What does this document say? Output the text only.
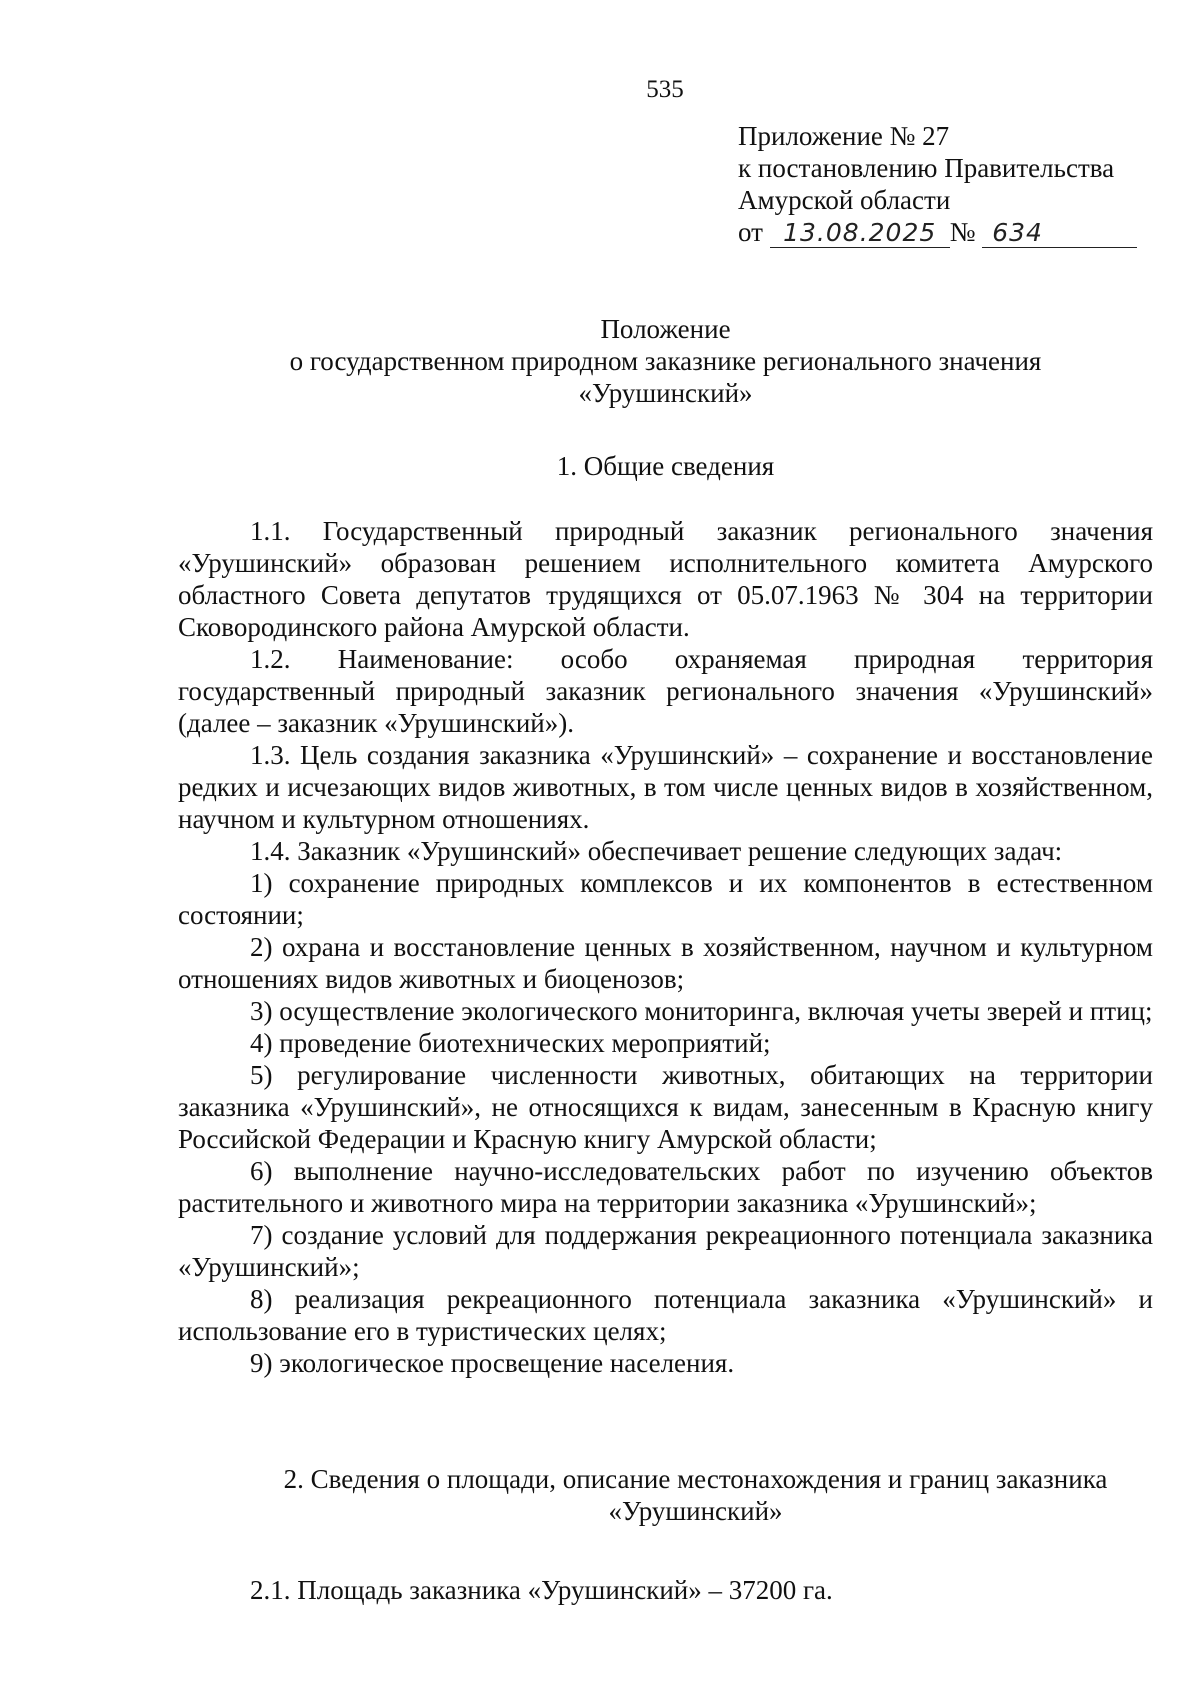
535
Приложение № 27
к постановлению Правительства
Амурской области
от 13.08.2025 № 634
Положение
о государственном природном заказнике регионального значения
«Урушинский»
1. Общие сведения

1.1. Государственный природный заказник регионального значения «Урушинский» образован решением исполнительного комитета Амурского областного Совета депутатов трудящихся от 05.07.1963 № 304 на территории Сковородинского района Амурской области.

1.2. Наименование: особо охраняемая природная территория государственный природный заказник регионального значения «Урушинский» (далее – заказник «Урушинский»).

1.3. Цель создания заказника «Урушинский» – сохранение и восстановление редких и исчезающих видов животных, в том числе ценных видов в хозяйственном, научном и культурном отношениях.

1.4. Заказник «Урушинский» обеспечивает решение следующих задач:

1) сохранение природных комплексов и их компонентов в естественном состоянии;

2) охрана и восстановление ценных в хозяйственном, научном и культурном отношениях видов животных и биоценозов;

3) осуществление экологического мониторинга, включая учеты зверей и птиц;

4) проведение биотехнических мероприятий;

5) регулирование численности животных, обитающих на территории заказника «Урушинский», не относящихся к видам, занесенным в Красную книгу Российской Федерации и Красную книгу Амурской области;

6) выполнение научно-исследовательских работ по изучению объектов растительного и животного мира на территории заказника «Урушинский»;

7) создание условий для поддержания рекреационного потенциала заказника «Урушинский»;

8) реализация рекреационного потенциала заказника «Урушинский» и использование его в туристических целях;

9) экологическое просвещение населения.

2. Сведения о площади, описание местонахождения и границ заказника
«Урушинский»
2.1. Площадь заказника «Урушинский» – 37200 га.
